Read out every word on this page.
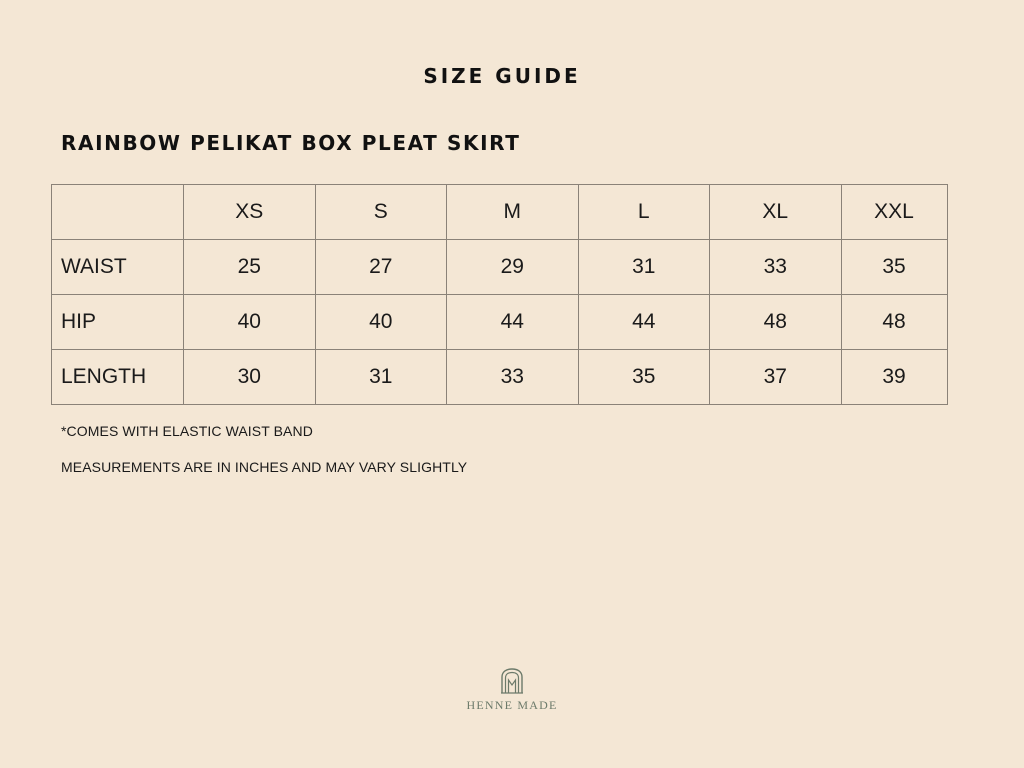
SIZE GUIDE
RAINBOW PELIKAT BOX PLEAT SKIRT
	XS	S	M	L	XL	XXL
WAIST	25	27	29	31	33	35
HIP	40	40	44	44	48	48
LENGTH	30	31	33	35	37	39
*COMES WITH ELASTIC WAIST BAND
MEASUREMENTS ARE IN INCHES AND MAY VARY SLIGHTLY
HENNE MADE
